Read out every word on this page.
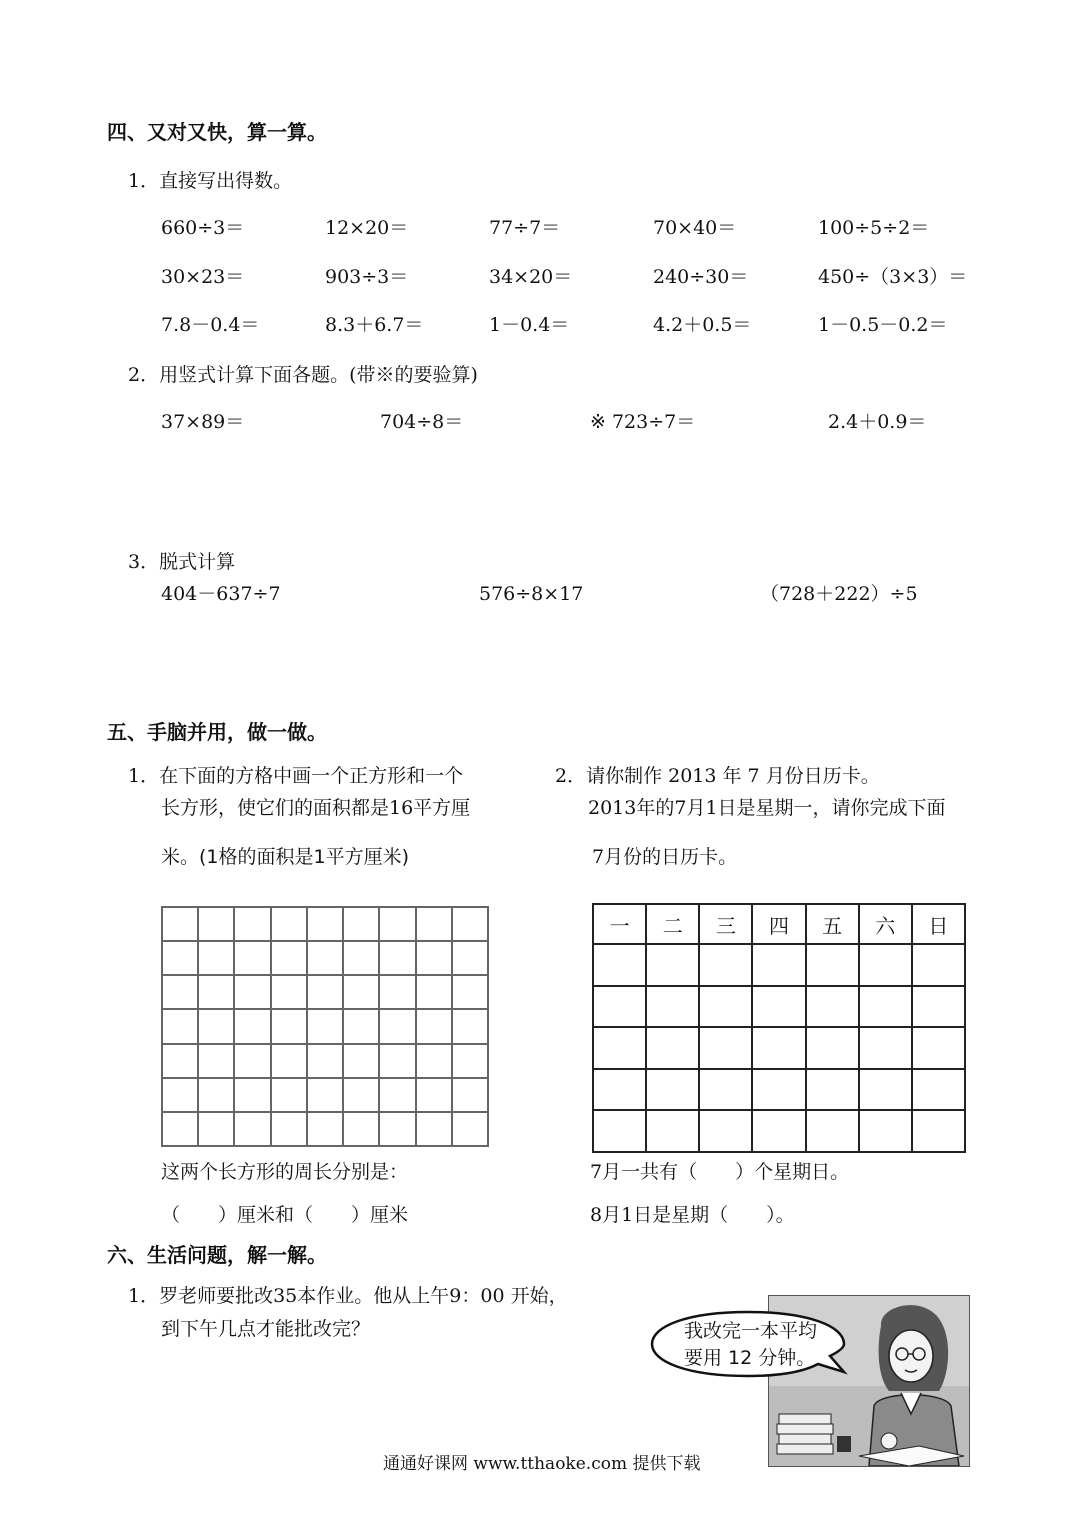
四、又对又快，算一算。
1．直接写出得数。
660÷3＝	12×20＝	77÷7＝	70×40＝	100÷5÷2＝
30×23＝	903÷3＝	34×20＝	240÷30＝	450÷（3×3）＝
7.8－0.4＝	8.3＋6.7＝	1－0.4＝	4.2＋0.5＝	1－0.5－0.2＝
2．用竖式计算下面各题。(带※的要验算)
37×89＝	704÷8＝	※ 723÷7＝	2.4＋0.9＝
3．脱式计算
404－637÷7	576÷8×17	（728＋222）÷5
五、手脑并用，做一做。
1．在下面的方格中画一个正方形和一个
长方形，使它们的面积都是16平方厘
米。(1格的面积是1平方厘米)

这两个长方形的周长分别是：
（　　）厘米和（　　）厘米
2．请你制作 2013 年 7 月份日历卡。
2013年的7月1日是星期一，请你完成下面
7月份的日历卡。
一	二	三	四	五	六	日

7月一共有（　　）个星期日。
8月1日是星期（　　）。
六、生活问题，解一解。
1．罗老师要批改35本作业。他从上午9：00 开始，
到下午几点才能批改完？	我改完一本平均
要用 12 分钟。
通通好课网 www.tthaoke.com 提供下载
